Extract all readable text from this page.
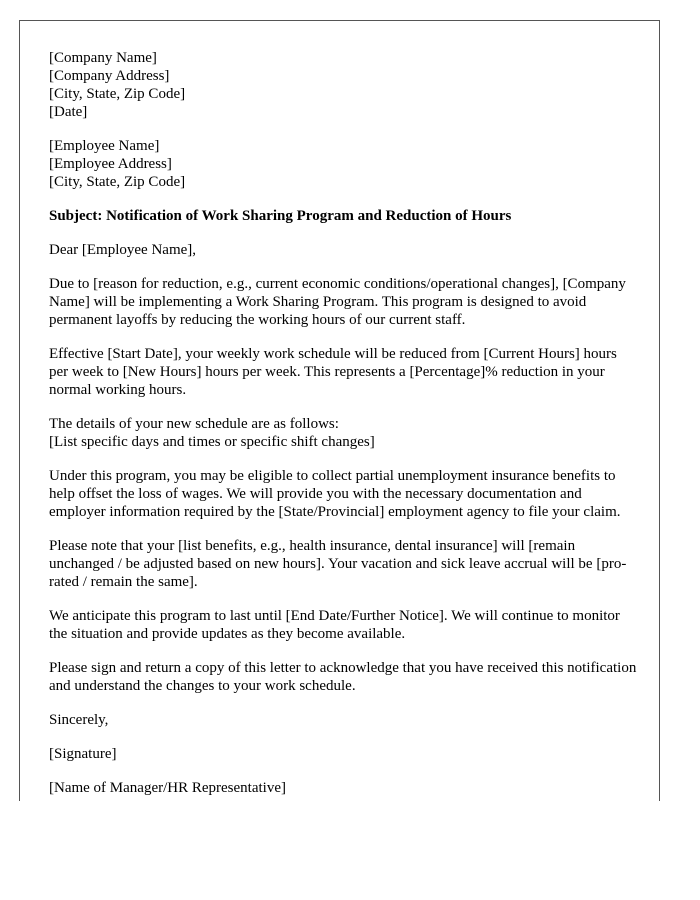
[Company Name]
[Company Address]
[City, State, Zip Code]
[Date]
[Employee Name]
[Employee Address]
[City, State, Zip Code]

Subject: Notification of Work Sharing Program and Reduction of Hours

Dear [Employee Name],

Due to [reason for reduction, e.g., current economic conditions/operational changes], [Company Name] will be implementing a Work Sharing Program. This program is designed to avoid permanent layoffs by reducing the working hours of our current staff.

Effective [Start Date], your weekly work schedule will be reduced from [Current Hours] hours per week to [New Hours] hours per week. This represents a [Percentage]% reduction in your normal working hours.

The details of your new schedule are as follows:
[List specific days and times or specific shift changes]

Under this program, you may be eligible to collect partial unemployment insurance benefits to help offset the loss of wages. We will provide you with the necessary documentation and employer information required by the [State/Provincial] employment agency to file your claim.

Please note that your [list benefits, e.g., health insurance, dental insurance] will [remain unchanged / be adjusted based on new hours]. Your vacation and sick leave accrual will be [pro-rated / remain the same].

We anticipate this program to last until [End Date/Further Notice]. We will continue to monitor the situation and provide updates as they become available.

Please sign and return a copy of this letter to acknowledge that you have received this notification and understand the changes to your work schedule.

Sincerely,

[Signature]

[Name of Manager/HR Representative]
